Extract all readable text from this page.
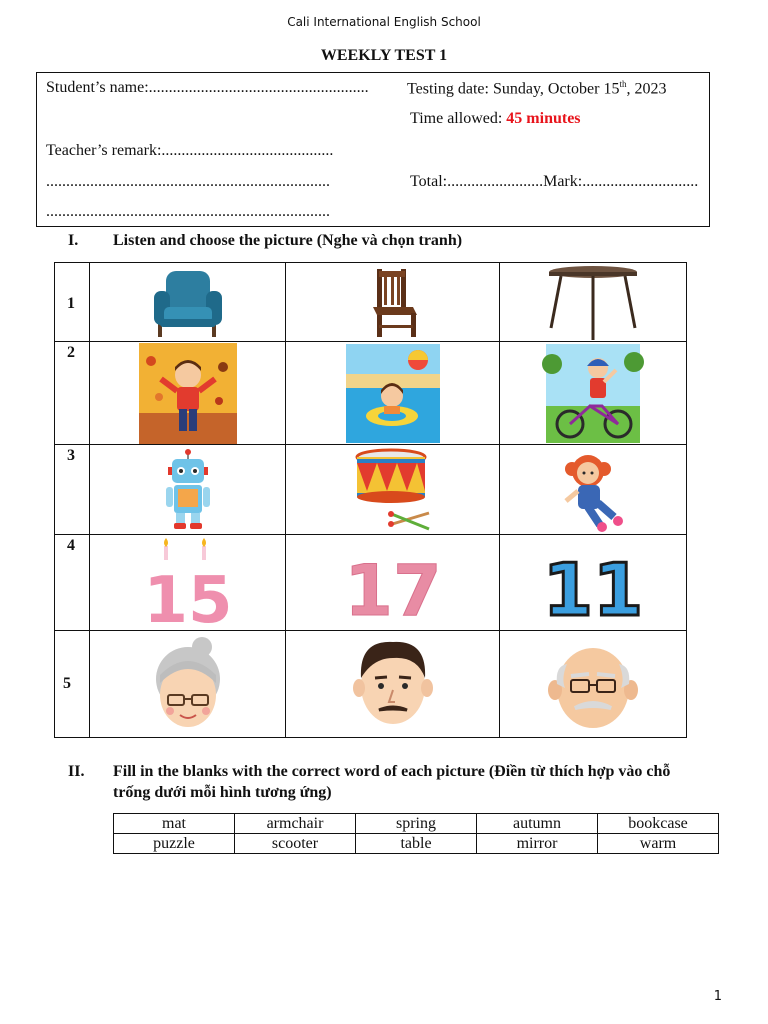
Cali International English School
WEEKLY TEST 1
Student’s name:....................................................... Testing date: Sunday, October 15th, 2023
Time allowed: 45 minutes
Teacher’s remark:...........................................
.......................................................................	Total:........................Mark:.............................
.......................................................................
I. Listen and choose the picture (Nghe và chọn tranh)
1

2

3

4	15	17	11

5

II. Fill in the blanks with the correct word of each picture (Điền từ thích hợp vào chỗ
trống dưới mỗi hình tương ứng)
mat	armchair	spring	autumn	bookcase
puzzle	scooter	table	mirror	warm
1
